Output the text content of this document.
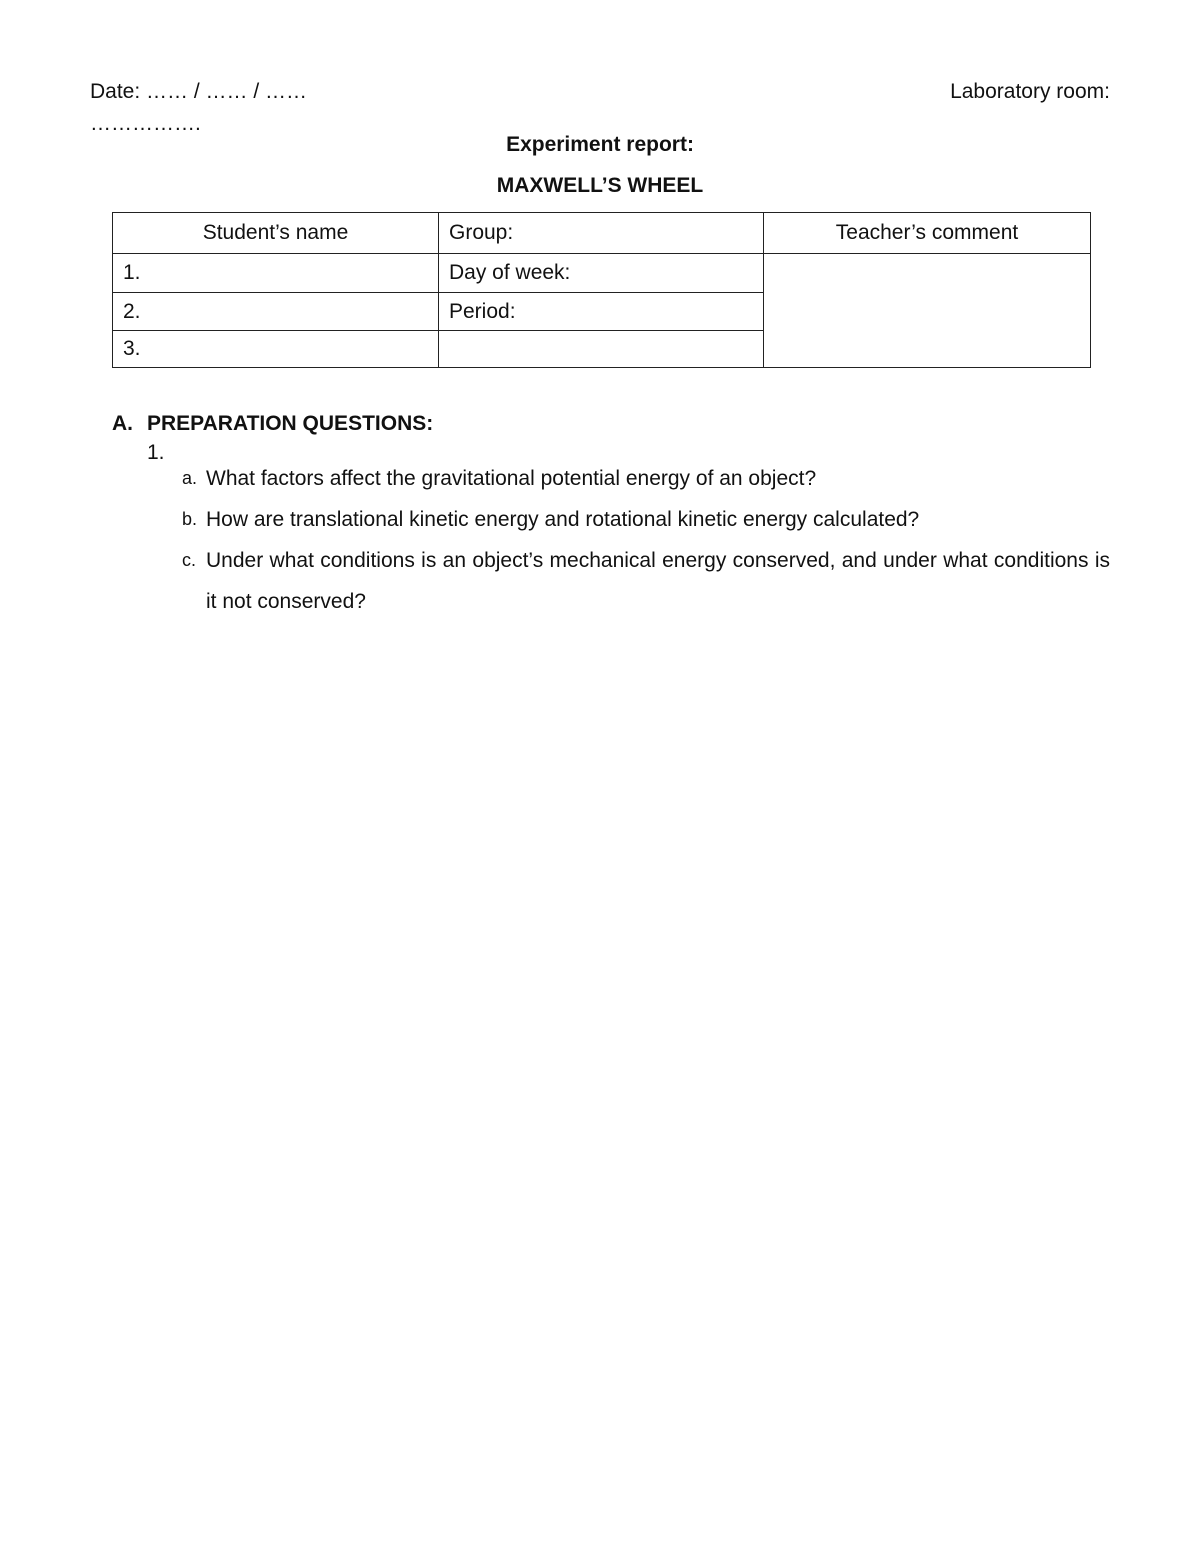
Date: …… / …… / ……	Laboratory room:
…………….
Experiment report:
MAXWELL’S WHEEL
Student’s name	Group:	Teacher’s comment
1.	Day of week:	
2.	Period:	
3.		
A. PREPARATION QUESTIONS:
1.
a. What factors affect the gravitational potential energy of an object?
b. How are translational kinetic energy and rotational kinetic energy calculated?
c. Under what conditions is an object’s mechanical energy conserved, and under what conditions is it not conserved?
